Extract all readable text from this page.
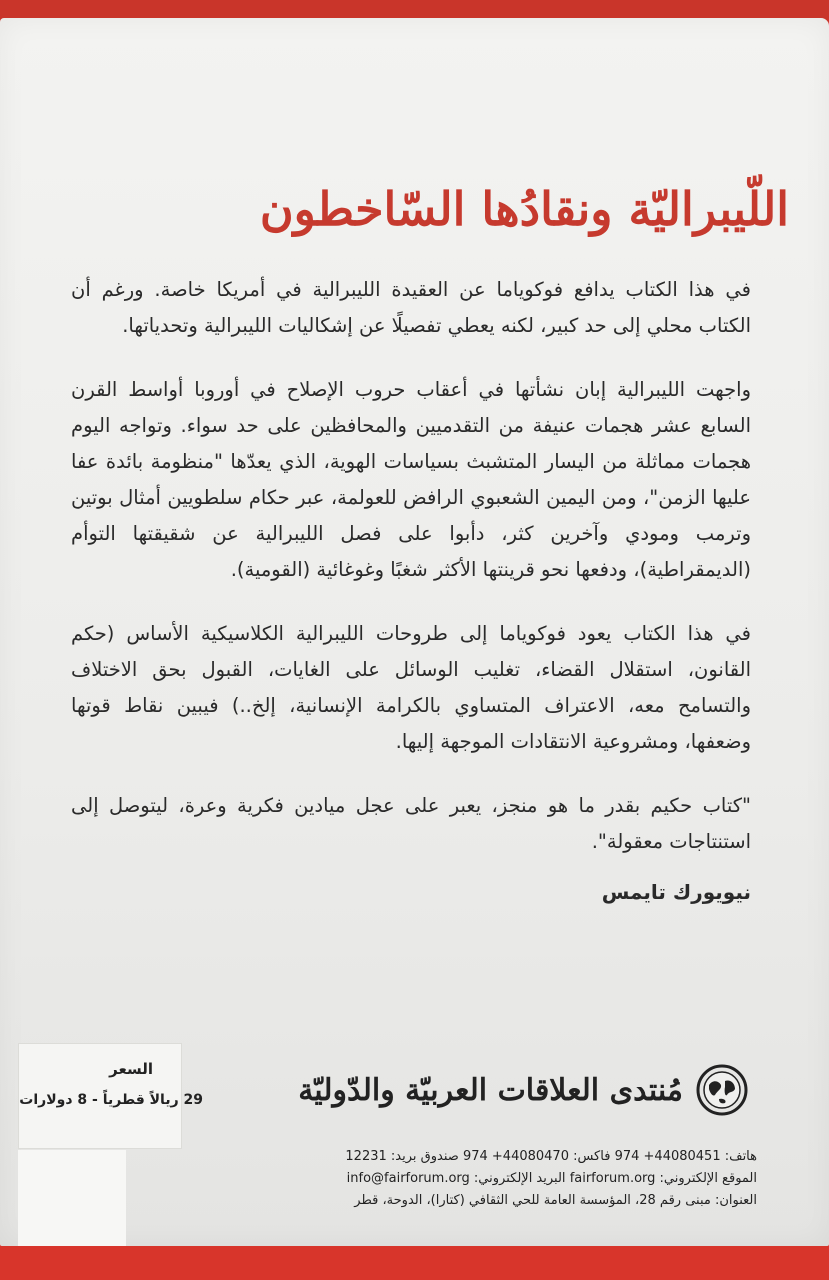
اللّيبراليّة ونقادُها السّاخطون

في هذا الكتاب يدافع فوكوياما عن العقيدة الليبرالية في أمريكا خاصة. ورغم أن الكتاب محلي إلى حد كبير، لكنه يعطي تفصيلًا عن إشكاليات الليبرالية وتحدياتها.

واجهت الليبرالية إبان نشأتها في أعقاب حروب الإصلاح في أوروبا أواسط القرن السابع عشر هجمات عنيفة من التقدميين والمحافظين على حد سواء. وتواجه اليوم هجمات مماثلة من اليسار المتشبث بسياسات الهوية، الذي يعدّها "منظومة بائدة عفا عليها الزمن"، ومن اليمين الشعبوي الرافض للعولمة، عبر حكام سلطويين أمثال بوتين وترمب ومودي وآخرين كثر، دأبوا على فصل الليبرالية عن شقيقتها التوأم (الديمقراطية)، ودفعها نحو قرينتها الأكثر شغبًا وغوغائية (القومية).

في هذا الكتاب يعود فوكوياما إلى طروحات الليبرالية الكلاسيكية الأساس (حكم القانون، استقلال القضاء، تغليب الوسائل على الغايات، القبول بحق الاختلاف والتسامح معه، الاعتراف المتساوي بالكرامة الإنسانية، إلخ..) فيبين نقاط قوتها وضعفها، ومشروعية الانتقادات الموجهة إليها.

"كتاب حكيم بقدر ما هو منجز، يعبر على عجل ميادين فكرية وعرة، ليتوصل إلى استنتاجات معقولة".

نيويورك تايمس
السعر
29 ريالاً قطرياً - 8 دولارات	مُنتدى العلاقات العربيّة والدّوليّة
هاتف: 44080451+ 974 فاكس: 44080470+ 974 صندوق بريد: 12231
الموقع الإلكتروني: fairforum.org البريد الإلكتروني: info@fairforum.org
العنوان: مبنى رقم 28، المؤسسة العامة للحي الثقافي (كتارا)، الدوحة، قطر
